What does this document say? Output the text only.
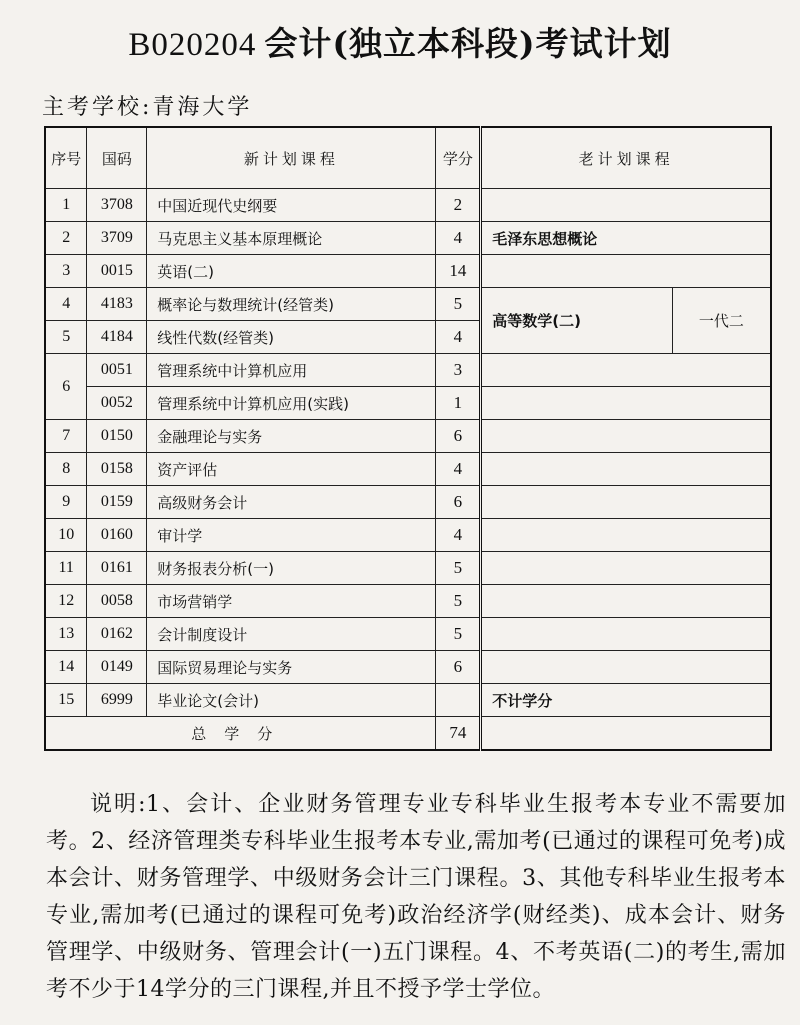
B020204 会计(独立本科段)考试计划
主考学校:青海大学
序号	国码	新计划课程	学分	老计划课程	
1	3708	中国近现代史纲要	2		
2	3709	马克思主义基本原理概论	4	毛泽东思想概论	
3	0015	英语(二)	14		
4	4183	概率论与数理统计(经管类)	5	高等数学(二)	一代二
5	4184	线性代数(经管类)	4		
6	0051	管理系统中计算机应用	3		
	0052	管理系统中计算机应用(实践)	1		
7	0150	金融理论与实务	6		
8	0158	资产评估	4		
9	0159	高级财务会计	6		
10	0160	审计学	4		
11	0161	财务报表分析(一)	5		
12	0058	市场营销学	5		
13	0162	会计制度设计	5		
14	0149	国际贸易理论与实务	6		
15	6999	毕业论文(会计)		不计学分	
总学分			74		
说明:1、会计、企业财务管理专业专科毕业生报考本专业不需要加考。2、经济管理类专科毕业生报考本专业,需加考(已通过的课程可免考)成本会计、财务管理学、中级财务会计三门课程。3、其他专科毕业生报考本专业,需加考(已通过的课程可免考)政治经济学(财经类)、成本会计、财务管理学、中级财务、管理会计(一)五门课程。4、不考英语(二)的考生,需加考不少于14学分的三门课程,并且不授予学士学位。
